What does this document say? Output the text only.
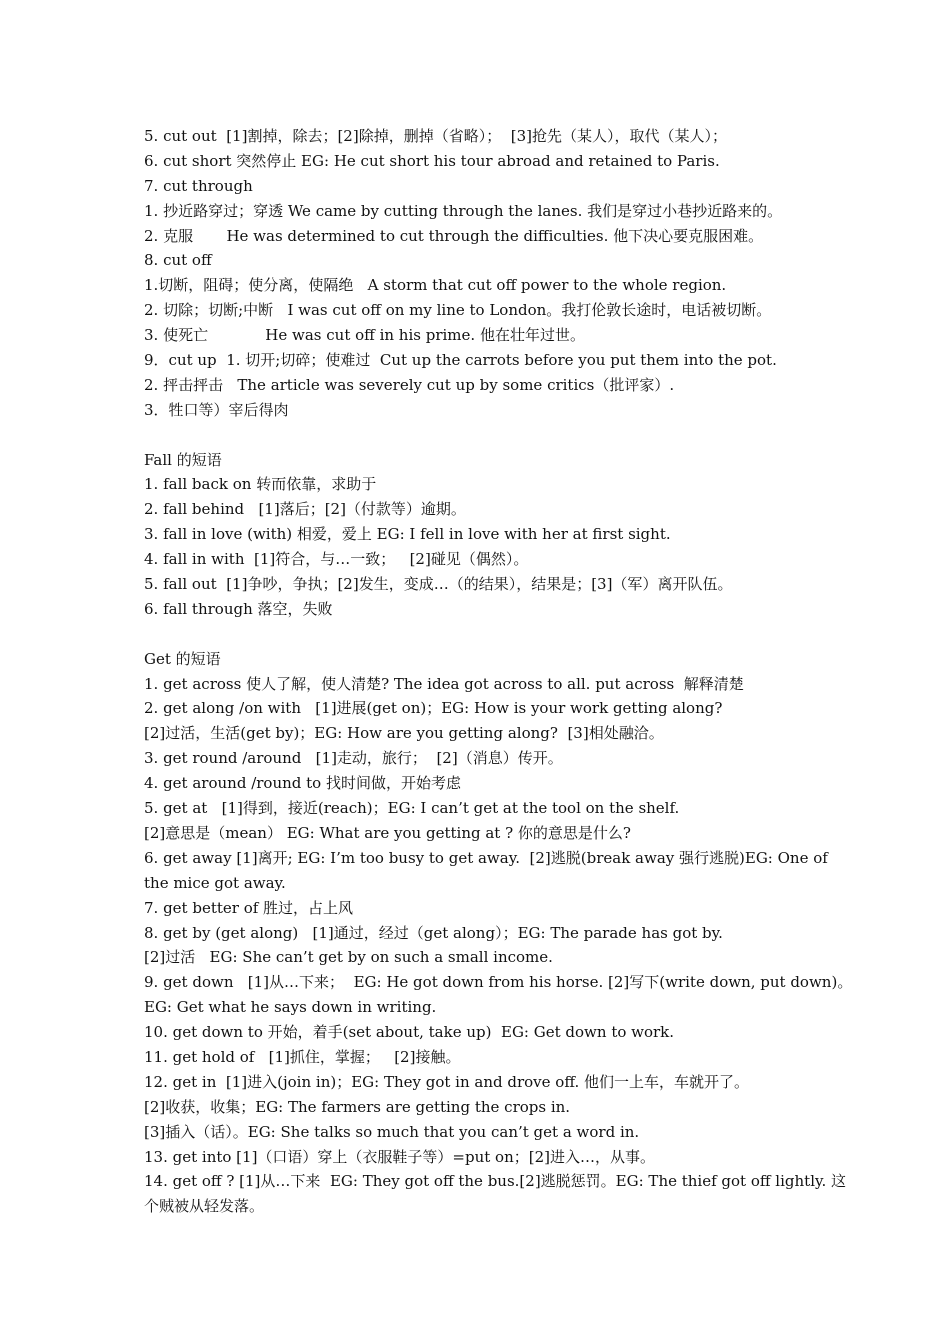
5. cut out  [1]割掉，除去；[2]除掉，删掉（省略）；  [3]抢先（某人），取代（某人）；
6. cut short 突然停止 EG: He cut short his tour abroad and retained to Paris.
7. cut through
1. 抄近路穿过；穿透 We came by cutting through the lanes. 我们是穿过小巷抄近路来的。
2. 克服       He was determined to cut through the difficulties. 他下决心要克服困难。
8. cut off
1.切断，阻碍；使分离，使隔绝   A storm that cut off power to the whole region.
2. 切除；切断;中断   I was cut off on my line to London。我打伦敦长途时，电话被切断。
3. 使死亡            He was cut off in his prime. 他在壮年过世。
9．cut up  1. 切开;切碎；使难过  Cut up the carrots before you put them into the pot.
2. 抨击抨击   The article was severely cut up by some critics（批评家）.
3．牲口等）宰后得肉
Fall 的短语
1. fall back on 转而依靠，求助于
2. fall behind   [1]落后；[2]（付款等）逾期。
3. fall in love (with) 相爱，爱上 EG: I fell in love with her at first sight.
4. fall in with  [1]符合，与…一致；   [2]碰见（偶然）。
5. fall out  [1]争吵，争执；[2]发生，变成…（的结果），结果是；[3]（军）离开队伍。
6. fall through 落空，失败
Get 的短语
1. get across 使人了解，使人清楚? The idea got across to all. put across  解释清楚
2. get along /on with   [1]进展(get on)；EG: How is your work getting along?
[2]过活，生活(get by)；EG: How are you getting along?  [3]相处融洽。
3. get round /around   [1]走动，旅行；  [2]（消息）传开。
4. get around /round to 找时间做，开始考虑
5. get at   [1]得到，接近(reach)；EG: I can’t get at the tool on the shelf.
[2]意思是（mean） EG: What are you getting at ? 你的意思是什么?
6. get away [1]离开; EG: I’m too busy to get away.  [2]逃脱(break away 强行逃脱)EG: One of
the mice got away.
7. get better of 胜过，占上风
8. get by (get along)   [1]通过，经过（get along）；EG: The parade has got by.
[2]过活   EG: She can’t get by on such a small income.
9. get down   [1]从…下来；  EG: He got down from his horse. [2]写下(write down, put down)。
EG: Get what he says down in writing.
10. get down to 开始，着手(set about, take up)  EG: Get down to work.
11. get hold of   [1]抓住，掌握；   [2]接触。
12. get in  [1]进入(join in)；EG: They got in and drove off. 他们一上车，车就开了。
[2]收获，收集；EG: The farmers are getting the crops in.
[3]插入（话）。EG: She talks so much that you can’t get a word in.
13. get into [1]（口语）穿上（衣服鞋子等）=put on；[2]进入…，从事。
14. get off ? [1]从…下来  EG: They got off the bus.[2]逃脱惩罚。EG: The thief got off lightly. 这
个贼被从轻发落。
